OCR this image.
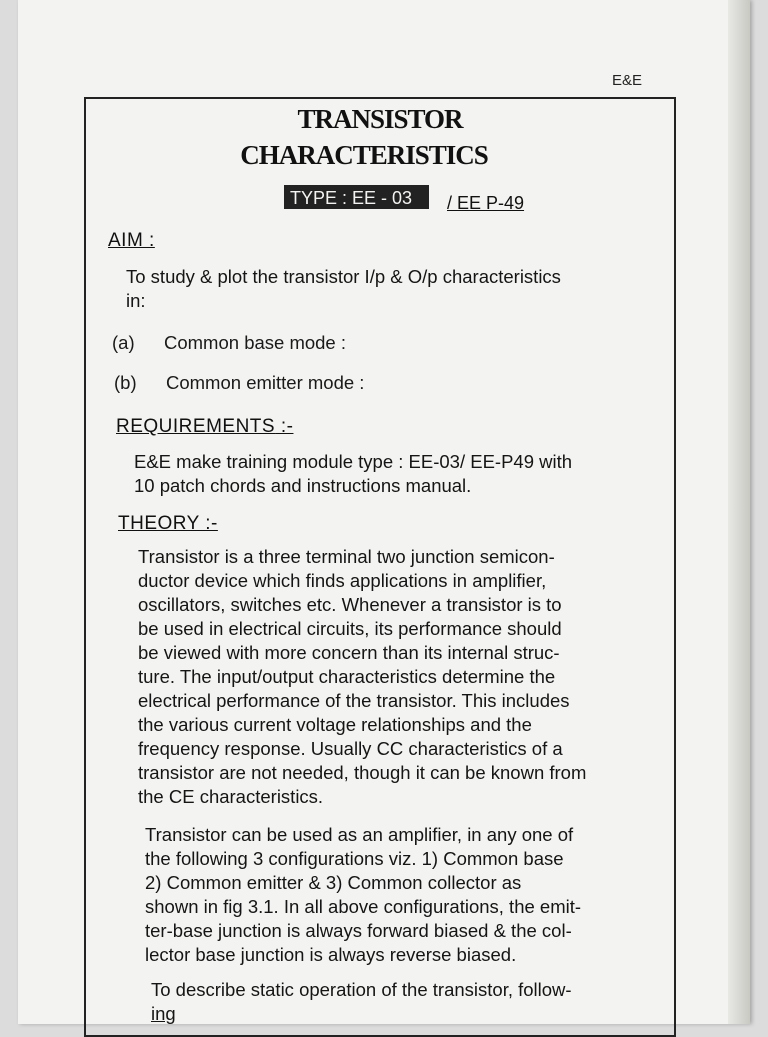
E&E
TRANSISTOR
CHARACTERISTICS
TYPE : EE - 03 / EE P-49
AIM :
To study & plot the transistor I/p & O/p characteristics
in:
(a) Common base mode :
(b) Common emitter mode :
REQUIREMENTS :-
E&E make training module type : EE-03/ EE-P49 with
10 patch chords and instructions manual.
THEORY :-
Transistor is a three terminal two junction semicon-
ductor device which finds applications in amplifier,
oscillators, switches etc. Whenever a transistor is to
be used in electrical circuits, its performance should
be viewed with more concern than its internal struc-
ture. The input/output characteristics determine the
electrical performance of the transistor. This includes
the various current voltage relationships and the
frequency response. Usually CC characteristics of a
transistor are not needed, though it can be known from
the CE characteristics.
Transistor can be used as an amplifier, in any one of
the following 3 configurations viz. 1) Common base
2) Common emitter & 3) Common collector as
shown in fig 3.1. In all above configurations, the emit-
ter-base junction is always forward biased & the col-
lector base junction is always reverse biased.
To describe static operation of the transistor, follow-
ing
